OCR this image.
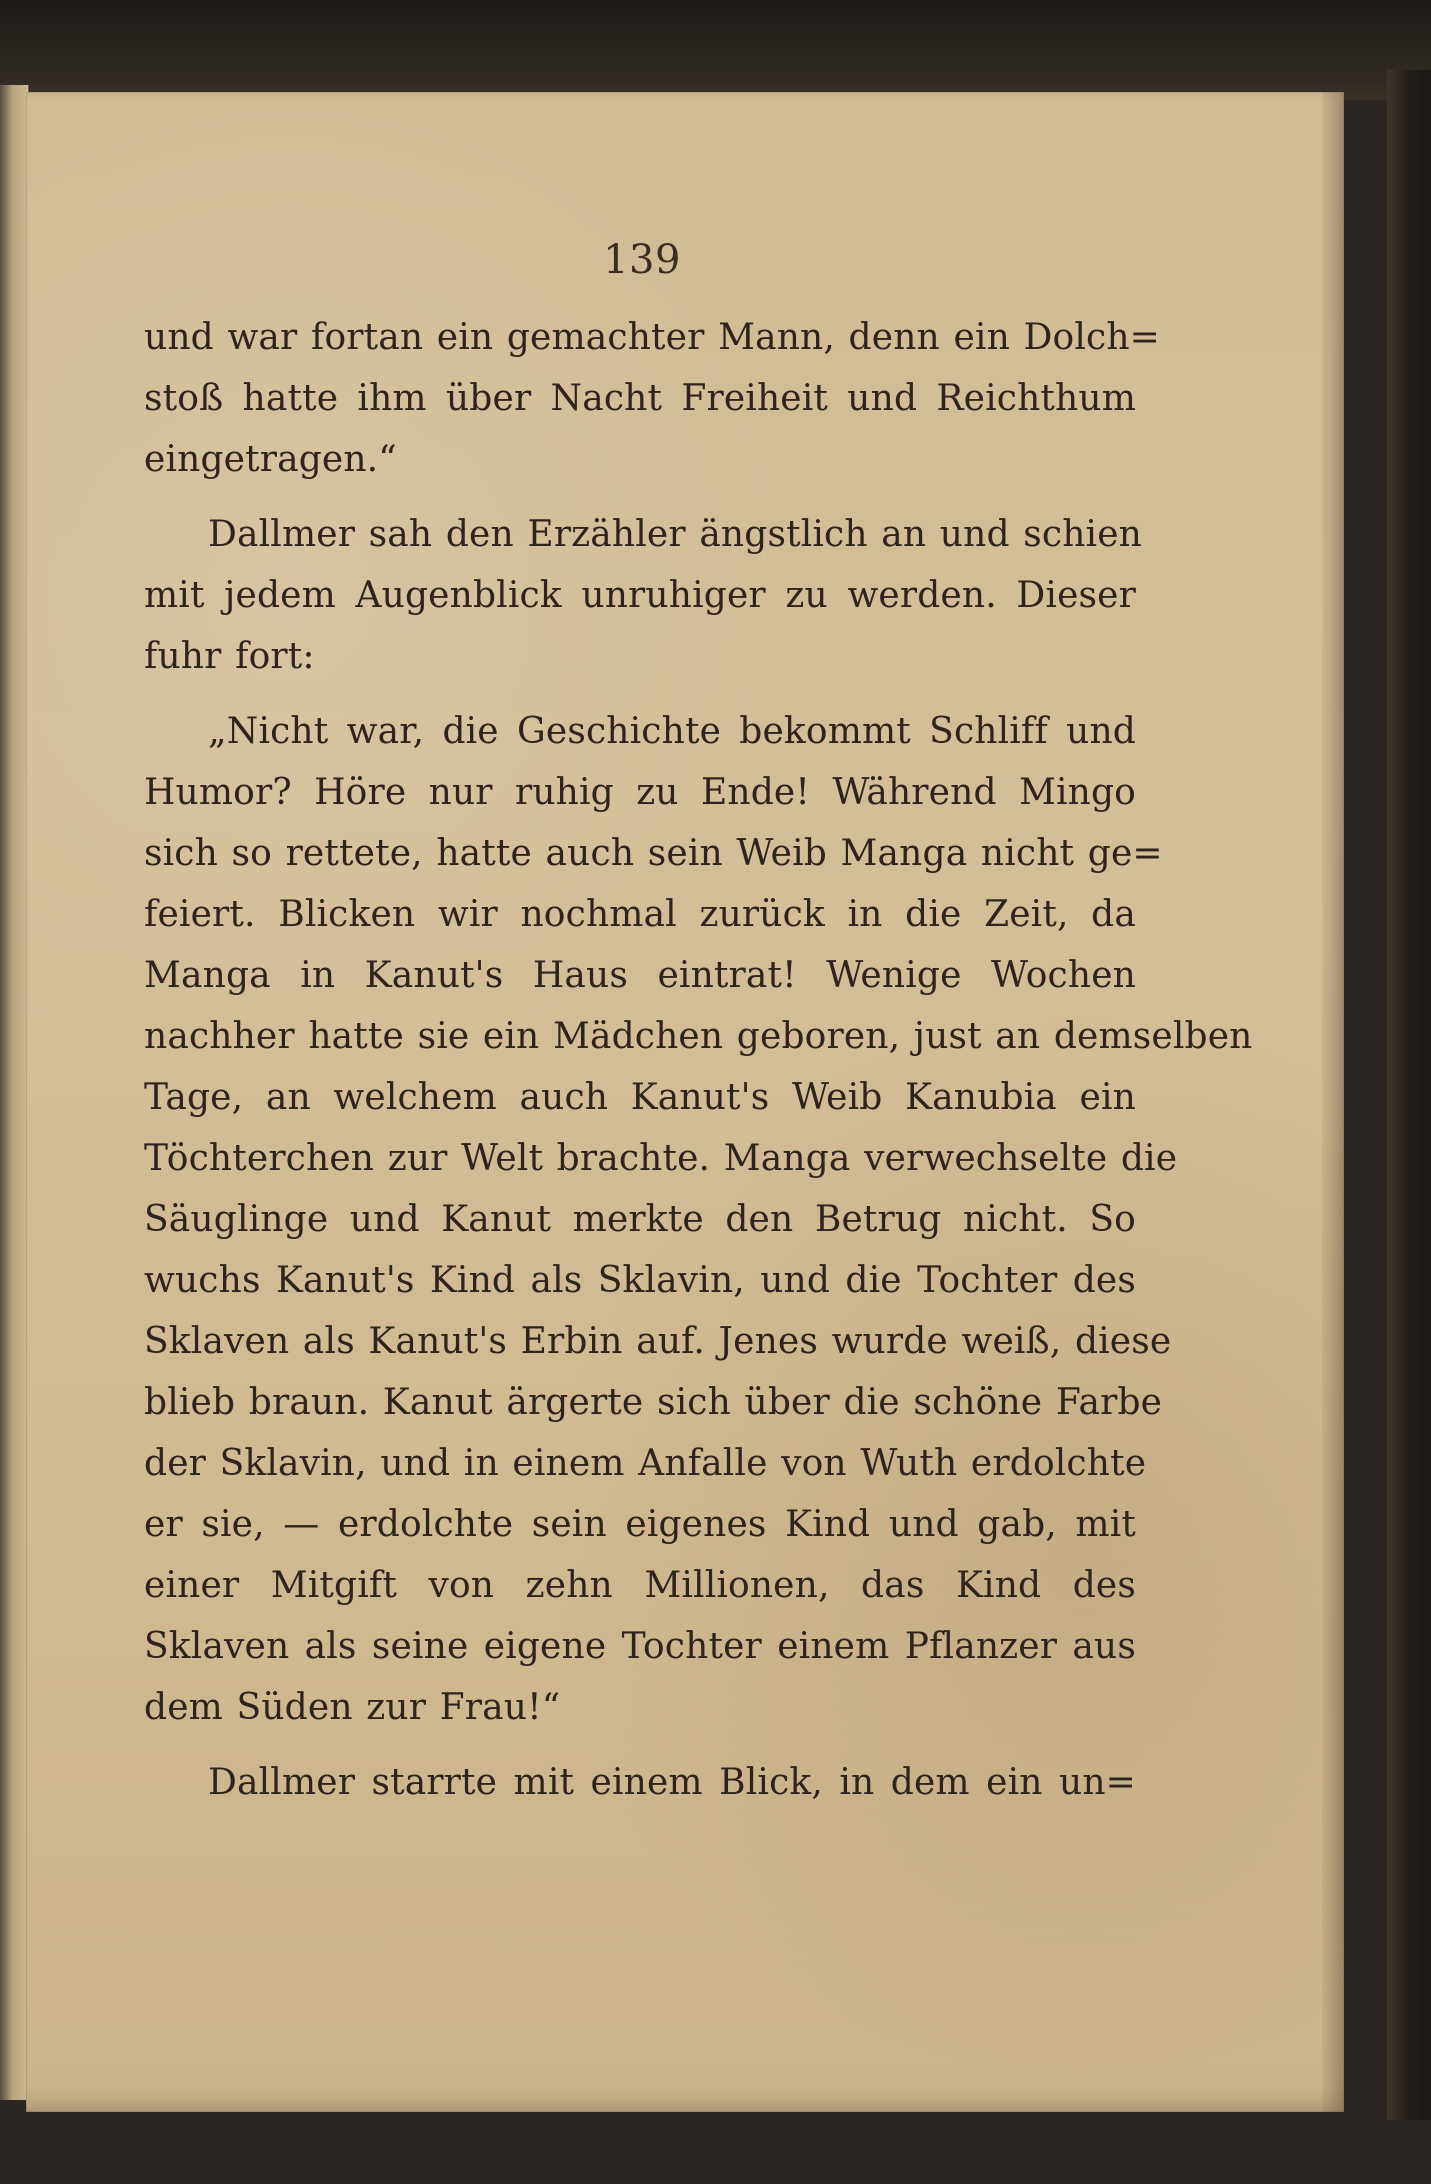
139
und war fortan ein gemachter Mann, denn ein Dolch=
stoß hatte ihm über Nacht Freiheit und Reichthum
eingetragen.“
Dallmer sah den Erzähler ängstlich an und schien
mit jedem Augenblick unruhiger zu werden. Dieser
fuhr fort:
„Nicht war, die Geschichte bekommt Schliff und
Humor? Höre nur ruhig zu Ende! Während Mingo
sich so rettete, hatte auch sein Weib Manga nicht ge=
feiert. Blicken wir nochmal zurück in die Zeit, da
Manga in Kanut's Haus eintrat! Wenige Wochen
nachher hatte sie ein Mädchen geboren, just an demselben
Tage, an welchem auch Kanut's Weib Kanubia ein
Töchterchen zur Welt brachte. Manga verwechselte die
Säuglinge und Kanut merkte den Betrug nicht. So
wuchs Kanut's Kind als Sklavin, und die Tochter des
Sklaven als Kanut's Erbin auf. Jenes wurde weiß, diese
blieb braun. Kanut ärgerte sich über die schöne Farbe
der Sklavin, und in einem Anfalle von Wuth erdolchte
er sie, — erdolchte sein eigenes Kind und gab, mit
einer Mitgift von zehn Millionen, das Kind des
Sklaven als seine eigene Tochter einem Pflanzer aus
dem Süden zur Frau!“
Dallmer starrte mit einem Blick, in dem ein un=
